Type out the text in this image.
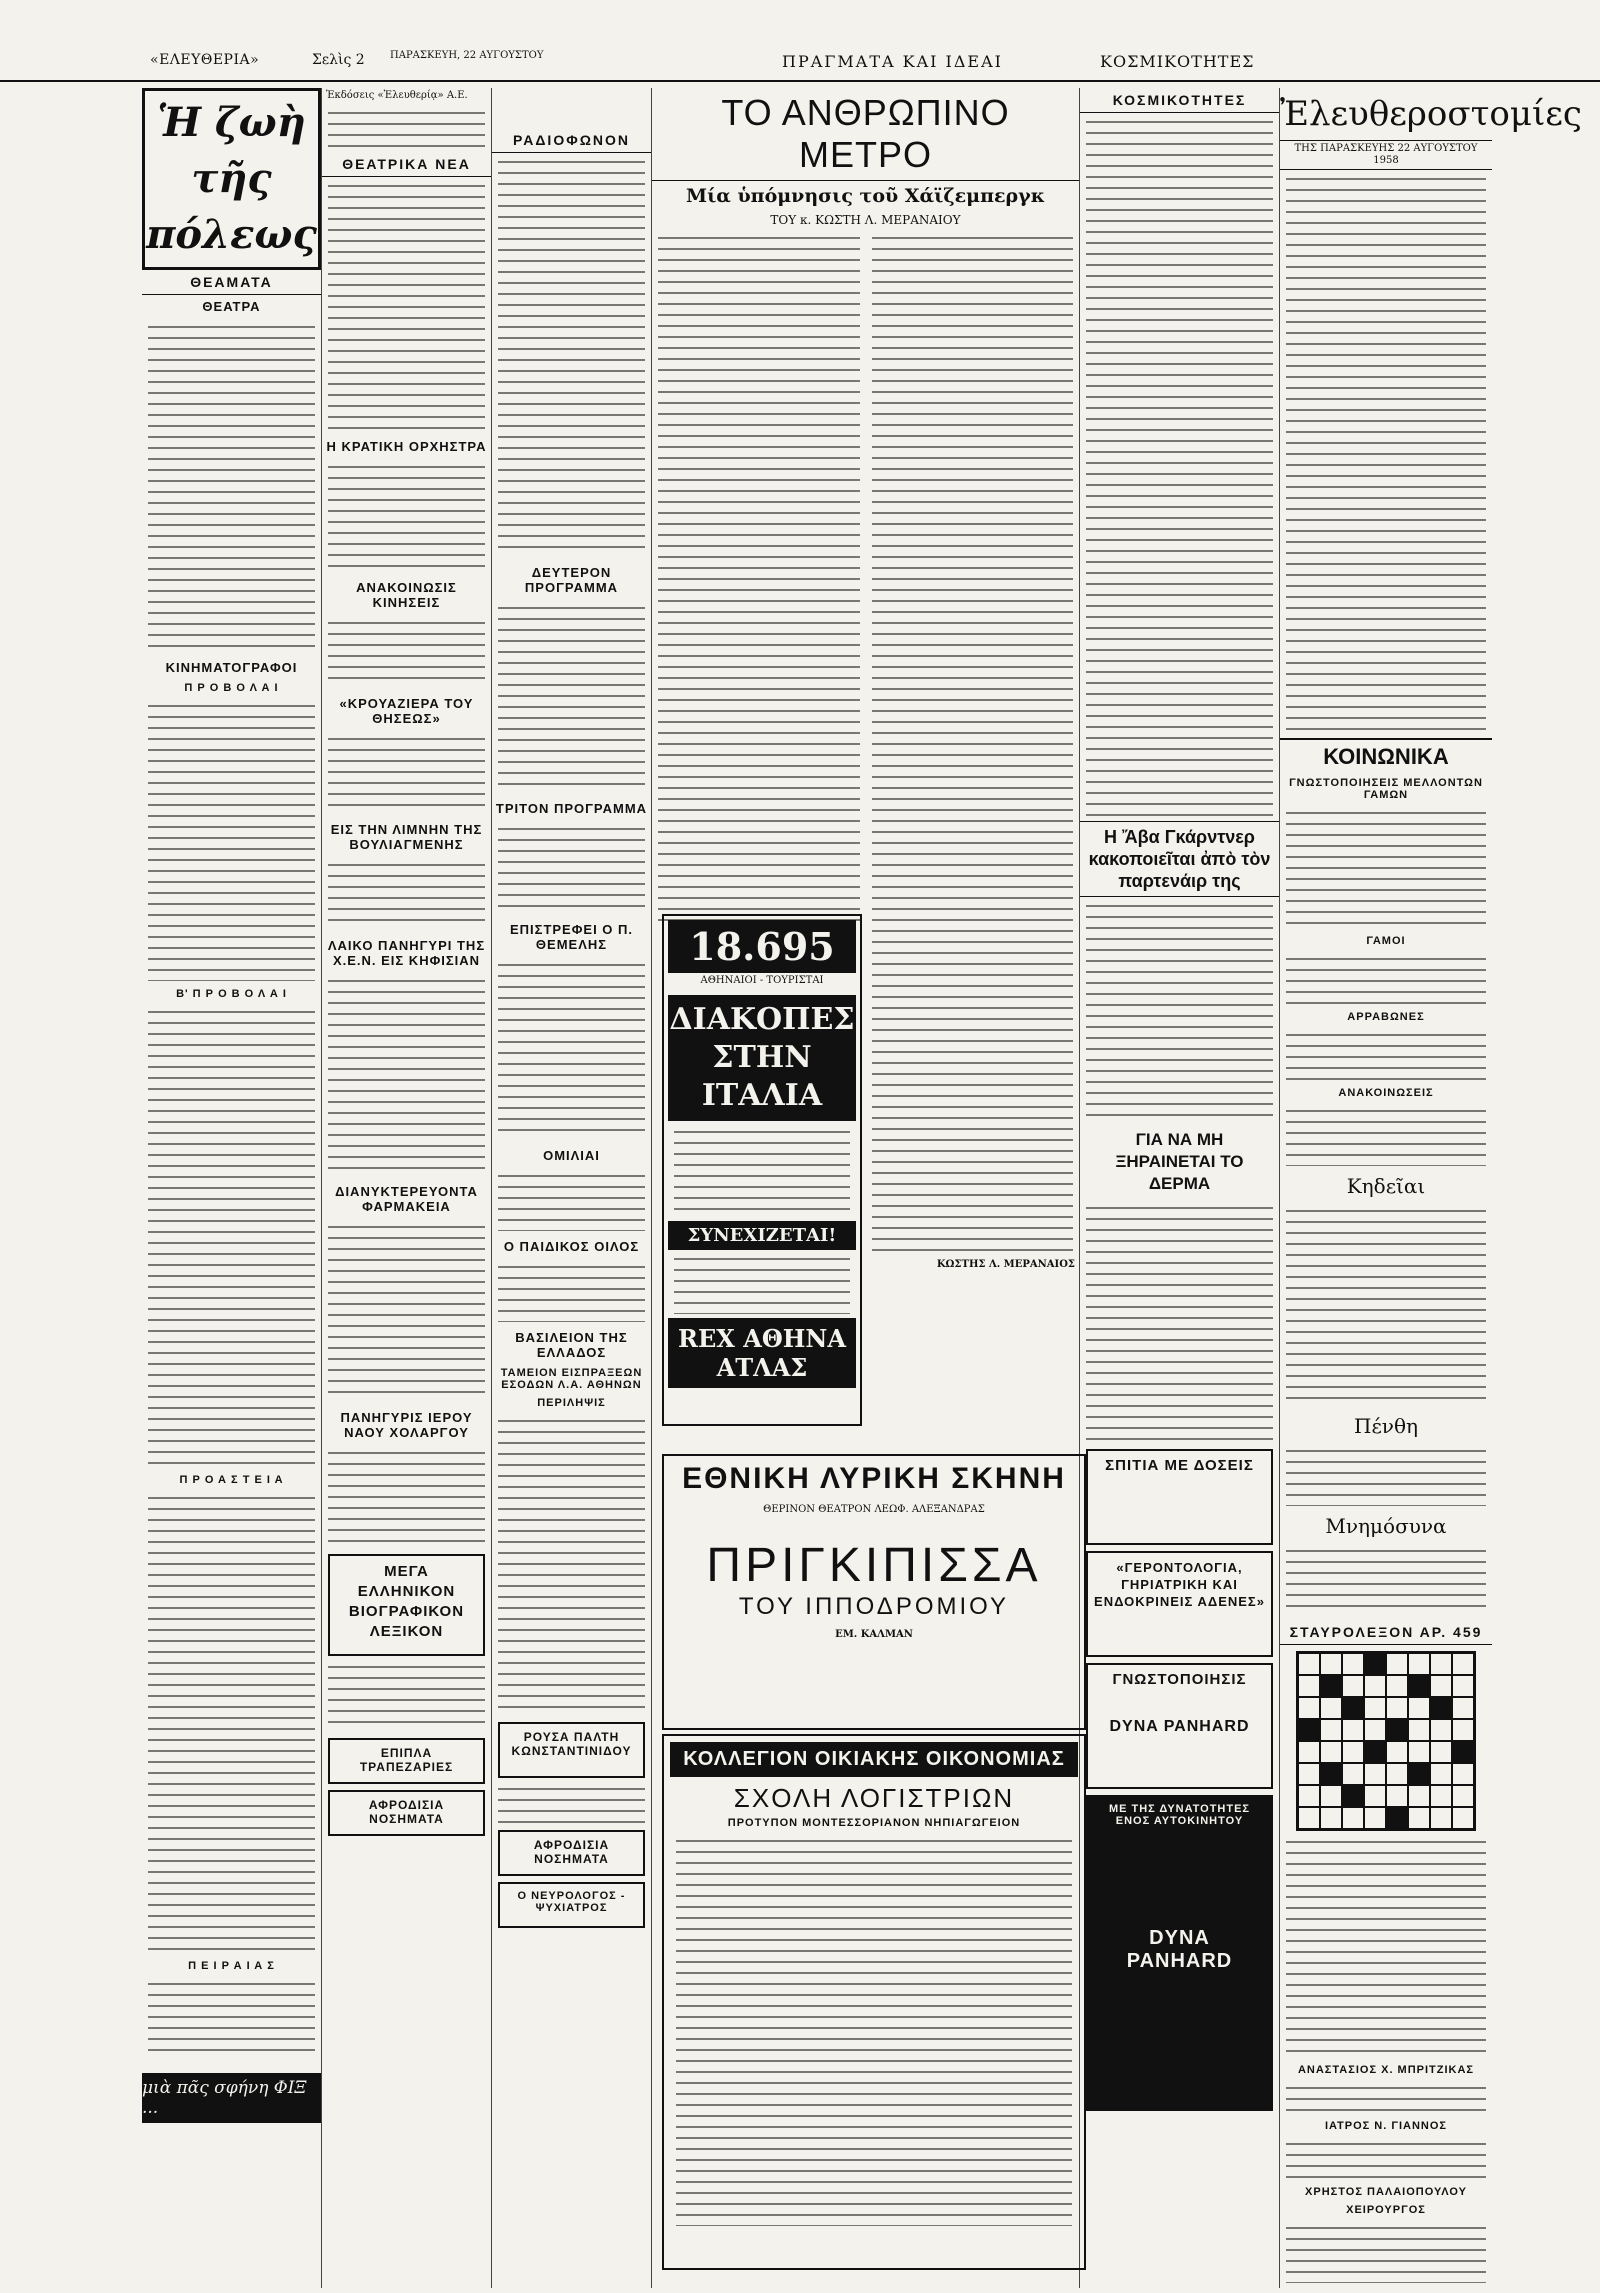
«ΕΛΕΥΘΕΡΙΑ»	Σελὶς 2	ΠΑΡΑΣΚΕΥΗ, 22 ΑΥΓΟΥΣΤΟΥ	ΠΡΑΓΜΑΤΑ ΚΑΙ ΙΔΕΑΙ	ΚΟΣΜΙΚΟΤΗΤΕΣ
Ἡ ζωὴ τῆς πόλεως
ΘΕΑΜΑΤΑ
ΘΕΑΤΡΑ
ΚΙΝΗΜΑΤΟΓΡΑΦΟΙ
Π Ρ Ο Β Ο Λ Α Ι
Β' Π Ρ Ο Β Ο Λ Α Ι
Π Ρ Ο Α Σ Τ Ε Ι Α
Π Ε Ι Ρ Α Ι Α Σ
μιὰ πᾶς σφήνη ΦΙΞ ...
Ἐκδόσεις «Ἐλευθερίᾳ» Α.Ε.
ΘΕΑΤΡΙΚΑ ΝΕΑ
Η ΚΡΑΤΙΚΗ ΟΡΧΗΣΤΡΑ
ΑΝΑΚΟΙΝΩΣΙΣ ΚΙΝΗΣΕΙΣ
«ΚΡΟΥΑΖΙΕΡΑ ΤΟΥ ΘΗΣΕΩΣ»
ΕΙΣ ΤΗΝ ΛΙΜΝΗΝ ΤΗΣ ΒΟΥΛΙΑΓΜΕΝΗΣ
ΛΑΙΚΟ ΠΑΝΗΓΥΡΙ ΤΗΣ Χ.Ε.Ν. ΕΙΣ ΚΗΦΙΣΙΑΝ
ΔΙΑΝΥΚΤΕΡΕΥΟΝΤΑ ΦΑΡΜΑΚΕΙΑ
ΠΑΝΗΓΥΡΙΣ ΙΕΡΟΥ ΝΑΟΥ ΧΟΛΑΡΓΟΥ
ΜΕΓΑ ΕΛΛΗΝΙΚΟΝ ΒΙΟΓΡΑΦΙΚΟΝ ΛΕΞΙΚΟΝ
ΕΠΙΠΛΑ ΤΡΑΠΕΖΑΡΙΕΣ
ΑΦΡΟΔΙΣΙΑ ΝΟΣΗΜΑΤΑ
ΡΑΔΙΟΦΩΝΟΝ
ΔΕΥΤΕΡΟΝ ΠΡΟΓΡΑΜΜΑ
ΤΡΙΤΟΝ ΠΡΟΓΡΑΜΜΑ
ΕΠΙΣΤΡΕΦΕΙ Ο Π. ΘΕΜΕΛΗΣ
ΟΜΙΛΙΑΙ
Ο ΠΑΙΔΙΚΟΣ ΟΙΛΟΣ
ΒΑΣΙΛΕΙΟΝ ΤΗΣ ΕΛΛΑΔΟΣ
ΤΑΜΕΙΟΝ ΕΙΣΠΡΑΞΕΩΝ ΕΣΟΔΩΝ Λ.Α. ΑΘΗΝΩΝ
ΠΕΡΙΛΗΨΙΣ
ΡΟΥΣΑ ΠΑΛΤΗ ΚΩΝΣΤΑΝΤΙΝΙΔΟΥ
ΑΦΡΟΔΙΣΙΑ ΝΟΣΗΜΑΤΑ
Ο ΝΕΥΡΟΛΟΓΟΣ - ΨΥΧΙΑΤΡΟΣ
ΤΟ ΑΝΘΡΩΠΙΝΟ ΜΕΤΡΟ
Μία ὑπόμνησις τοῦ Χάϊζεμπεργκ
ΤΟΥ κ. ΚΩΣΤΗ Λ. ΜΕΡΑΝΑΙΟΥ
ΚΩΣΤΗΣ Λ. ΜΕΡΑΝΑΙΟΣ
18.695
ΑΘΗΝΑΙΟΙ - ΤΟΥΡΙΣΤΑΙ
ΔΙΑΚΟΠΕΣ ΣΤΗΝ ΙΤΑΛΙΑ
ΣΥΝΕΧΙΖΕΤΑΙ!
REX ΑΘΗΝΑ ΑΤΛΑΣ
ΕΘΝΙΚΗ ΛΥΡΙΚΗ ΣΚΗΝΗ
ΘΕΡΙΝΟΝ ΘΕΑΤΡΟΝ ΛΕΩΦ. ΑΛΕΞΑΝΔΡΑΣ
ΠΡΙΓΚΙΠΙΣΣΑ
ΤΟΥ ΙΠΠΟΔΡΟΜΙΟΥ
ΕΜ. ΚΑΛΜΑΝ
ΚΟΛΛΕΓΙΟΝ ΟΙΚΙΑΚΗΣ ΟΙΚΟΝΟΜΙΑΣ
ΣΧΟΛΗ ΛΟΓΙΣΤΡΙΩΝ
ΠΡΟΤΥΠΟΝ ΜΟΝΤΕΣΣΟΡΙΑΝΟΝ ΝΗΠΙΑΓΩΓΕΙΟΝ
ΚΟΣΜΙΚΟΤΗΤΕΣ
Η Ἄβα Γκάρντνερ κακοποιεῖται ἀπὸ τὸν παρτενάιρ της
ΓΙΑ ΝΑ ΜΗ ΞΗΡΑΙΝΕΤΑΙ ΤΟ ΔΕΡΜΑ
ΣΠΙΤΙΑ ΜΕ ΔΟΣΕΙΣ
«ΓΕΡΟΝΤΟΛΟΓΙΑ, ΓΗΡΙΑΤΡΙΚΗ ΚΑΙ ΕΝΔΟΚΡΙΝΕΙΣ ΑΔΕΝΕΣ»
ΓΝΩΣΤΟΠΟΙΗΣΙΣ
DYNA PANHARD
ΜΕ ΤΗΣ ΔΥΝΑΤΟΤΗΤΕΣ ΕΝΟΣ ΑΥΤΟΚΙΝΗΤΟΥ
DYNA PANHARD
Ἐλευθεροστομίες
ΤΗΣ ΠΑΡΑΣΚΕΥΗΣ 22 ΑΥΓΟΥΣΤΟΥ 1958
ΚΟΙΝΩΝΙΚΑ
ΓΝΩΣΤΟΠΟΙΗΣΕΙΣ ΜΕΛΛΟΝΤΩΝ ΓΑΜΩΝ
ΓΑΜΟΙ
ΑΡΡΑΒΩΝΕΣ
ΑΝΑΚΟΙΝΩΣΕΙΣ
Κηδεῖαι
Πένθη
Μνημόσυνα
ΣΤΑΥΡΟΛΕΞΟΝ ΑΡ. 459
ΑΝΑΣΤΑΣΙΟΣ Χ. ΜΠΡΙΤΖΙΚΑΣ
ΙΑΤΡΟΣ Ν. ΓΙΑΝΝΟΣ
ΧΡΗΣΤΟΣ ΠΑΛΑΙΟΠΟΥΛΟΥ
ΧΕΙΡΟΥΡΓΟΣ
